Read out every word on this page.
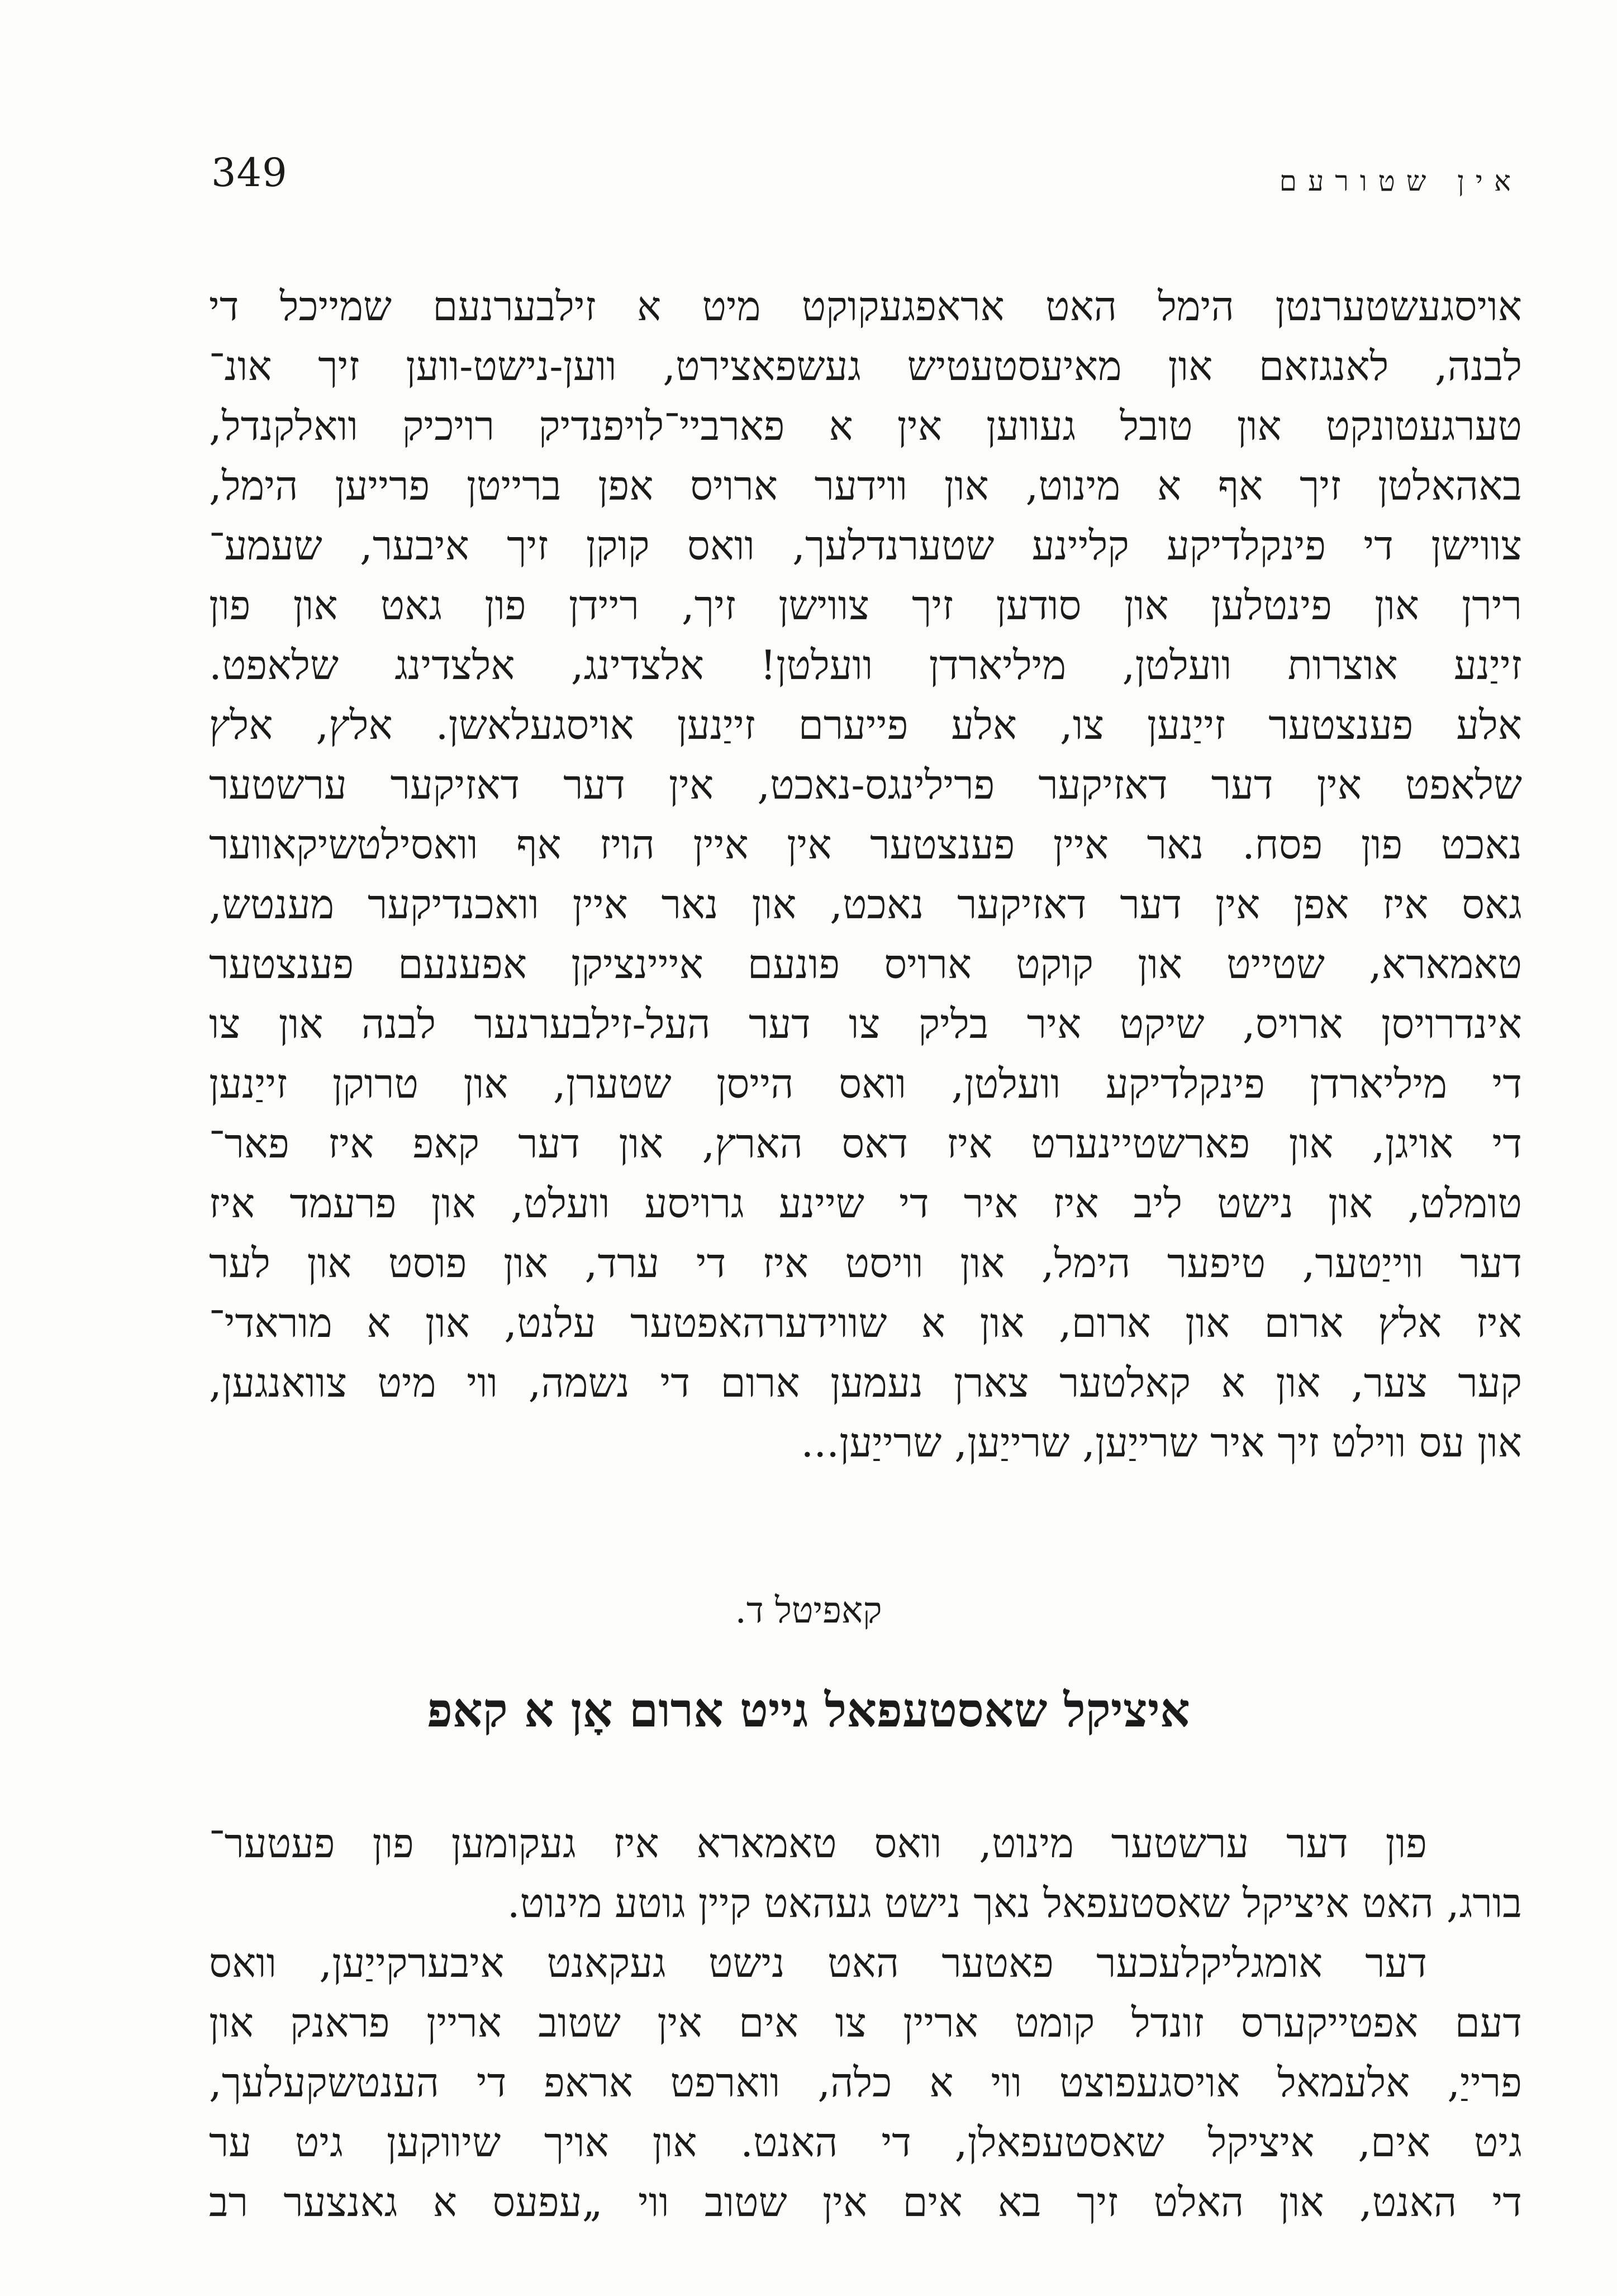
349	אין שטורעם
אויסגעשטערנטן הימל האט אראפגעקוקט מיט א זילבערנעם שמייכל די
לבנה, לאנגזאם און מאיעסטעטיש געשפאצירט, ווען-נישט-ווען זיך אונ־
טערגעטונקט און טובל געווען אין א פארביי־לויפנדיק רויכיק וואלקנדל,
באהאלטן זיך אף א מינוט, און ווידער ארויס אפן ברייטן פרייען הימל,
צווישן די פינקלדיקע קליינע שטערנדלעך, וואס קוקן זיך איבער, שעמע־
רירן און פינטלען און סודען זיך צווישן זיך, ריידן פון גאט און פון
זייַנע אוצרות וועלטן, מיליארדן וועלטן! אלצדינג, אלצדינג שלאפט.
אלע פענצטער זייַנען צו, אלע פייערם זייַנען אויסגעלאשן. אלץ, אלץ
שלאפט אין דער דאזיקער פרילינגס-נאכט, אין דער דאזיקער ערשטער
נאכט פון פסח. נאר איין פענצטער אין איין הויז אף וואסילטשיקאווער
גאס איז אפן אין דער דאזיקער נאכט, און נאר איין וואכנדיקער מענטש,
טאמארא, שטייט און קוקט ארויס פונעם אייינציקן אפענעם פענצטער
אינדרויסן ארויס, שיקט איר בליק צו דער העל-זילבערנער לבנה און צו
די מיליארדן פינקלדיקע וועלטן, וואס הייסן שטערן, און טרוקן זייַנען
די אויגן, און פארשטיינערט איז דאס הארץ, און דער קאפ איז פאר־
טומלט, און נישט ליב איז איר די שיינע גרויסע וועלט, און פרעמד איז
דער ווייַטער, טיפער הימל, און וויסט איז די ערד, און פוסט און לער
איז אלץ ארום און ארום, און א שווידערהאפטער עלנט, און א מוראדי־
קער צער, און א קאלטער צארן נעמען ארום די נשמה, ווי מיט צוואנגען,
און עס ווילט זיך איר שרייַען, שרייַען, שרייַען...
קאפיטל ד.
איציקל שאסטעפאל גייט ארום אָן א קאפ
פון דער ערשטער מינוט, וואס טאמארא איז געקומען פון פעטער־
בורג, האט איציקל שאסטעפאל נאך נישט געהאט קיין גוטע מינוט.
דער אומגליקלעכער פאטער האט נישט געקאנט איבערקייַען, וואס
דעם אפטייקערס זונדל קומט אריין צו אים אין שטוב אריין פראנק און
פרייַ, אלעמאל אויסגעפוצט ווי א כלה, ווארפט אראפ די הענטשקעלעך,
גיט אים, איציקל שאסטעפאלן, די האנט. און אויך שיווקען גיט ער
די האנט, און האלט זיך בא אים אין שטוב ווי „עפעס א גאנצער רב
